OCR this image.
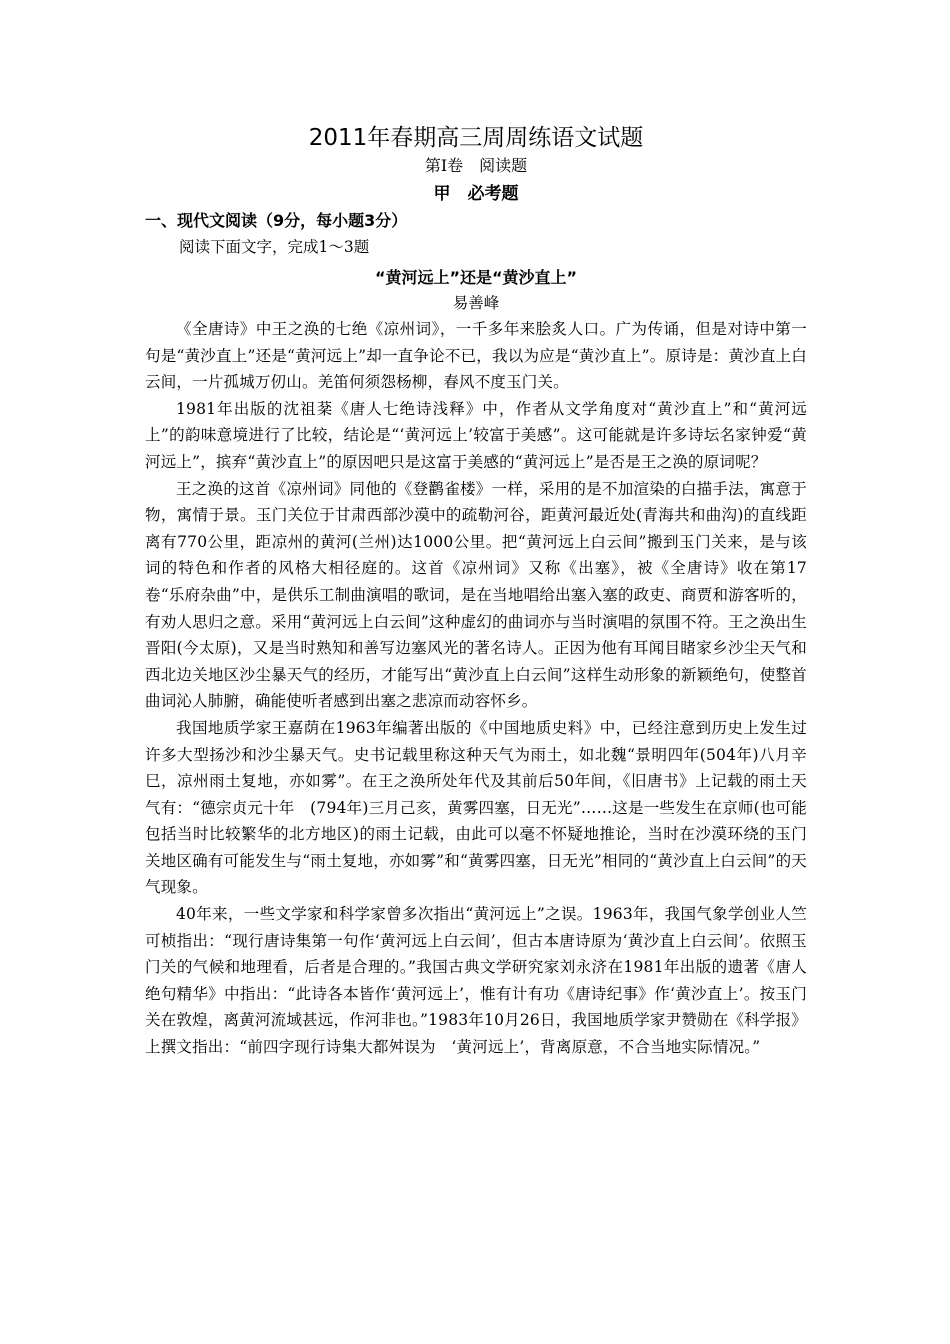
2011年春期高三周周练语文试题

第Ⅰ卷　阅读题

甲　必考题

一、现代文阅读（9分，每小题3分）

阅读下面文字，完成1～3题

“黄河远上”还是“黄沙直上”

易善峰

《全唐诗》中王之涣的七绝《凉州词》，一千多年来脍炙人口。广为传诵，但是对诗中第一句是“黄沙直上”还是“黄河远上”却一直争论不已，我以为应是“黄沙直上”。原诗是：黄沙直上白云间，一片孤城万仞山。羌笛何须怨杨柳，春风不度玉门关。

1981年出版的沈祖棻《唐人七绝诗浅释》中，作者从文学角度对“黄沙直上”和“黄河远上”的韵味意境进行了比较，结论是“‘黄河远上’较富于美感”。这可能就是许多诗坛名家钟爱“黄河远上”，摈弃“黄沙直上”的原因吧只是这富于美感的“黄河远上”是否是王之涣的原词呢？

王之涣的这首《凉州词》同他的《登鹳雀楼》一样，采用的是不加渲染的白描手法，寓意于物，寓情于景。玉门关位于甘肃西部沙漠中的疏勒河谷，距黄河最近处(青海共和曲沟)的直线距离有770公里，距凉州的黄河(兰州)达1000公里。把“黄河远上白云间”搬到玉门关来，是与该词的特色和作者的风格大相径庭的。这首《凉州词》又称《出塞》，被《全唐诗》收在第17卷“乐府杂曲”中，是供乐工制曲演唱的歌词，是在当地唱给出塞入塞的政吏、商贾和游客听的，有劝人思归之意。采用“黄河远上白云间”这种虚幻的曲词亦与当时演唱的氛围不符。王之涣出生晋阳(今太原)，又是当时熟知和善写边塞风光的著名诗人。正因为他有耳闻目睹家乡沙尘天气和西北边关地区沙尘暴天气的经历，才能写出“黄沙直上白云间”这样生动形象的新颖绝句，使整首曲词沁人肺腑，确能使听者感到出塞之悲凉而动容怀乡。

我国地质学家王嘉荫在1963年编著出版的《中国地质史料》中，已经注意到历史上发生过许多大型扬沙和沙尘暴天气。史书记载里称这种天气为雨土，如北魏“景明四年(504年)八月辛巳，凉州雨土复地，亦如雾”。在王之涣所处年代及其前后50年间，《旧唐书》上记载的雨土天气有：“德宗贞元十年　(794年)三月己亥，黄雾四塞，日无光”……这是一些发生在京师(也可能包括当时比较繁华的北方地区)的雨土记载，由此可以毫不怀疑地推论，当时在沙漠环绕的玉门关地区确有可能发生与“雨土复地，亦如雾”和“黄雾四塞，日无光”相同的“黄沙直上白云间”的天气现象。

40年来，一些文学家和科学家曾多次指出“黄河远上”之误。1963年，我国气象学创业人竺可桢指出：“现行唐诗集第一句作‘黄河远上白云间’，但古本唐诗原为‘黄沙直上白云间’。依照玉门关的气候和地理看，后者是合理的。”我国古典文学研究家刘永济在1981年出版的遗著《唐人绝句精华》中指出：“此诗各本皆作‘黄河远上’，惟有计有功《唐诗纪事》作‘黄沙直上’。按玉门关在敦煌，离黄河流域甚远，作河非也。”1983年10月26日，我国地质学家尹赞勋在《科学报》上撰文指出：“前四字现行诗集大都舛误为　‘黄河远上’，背离原意，不合当地实际情况。”
